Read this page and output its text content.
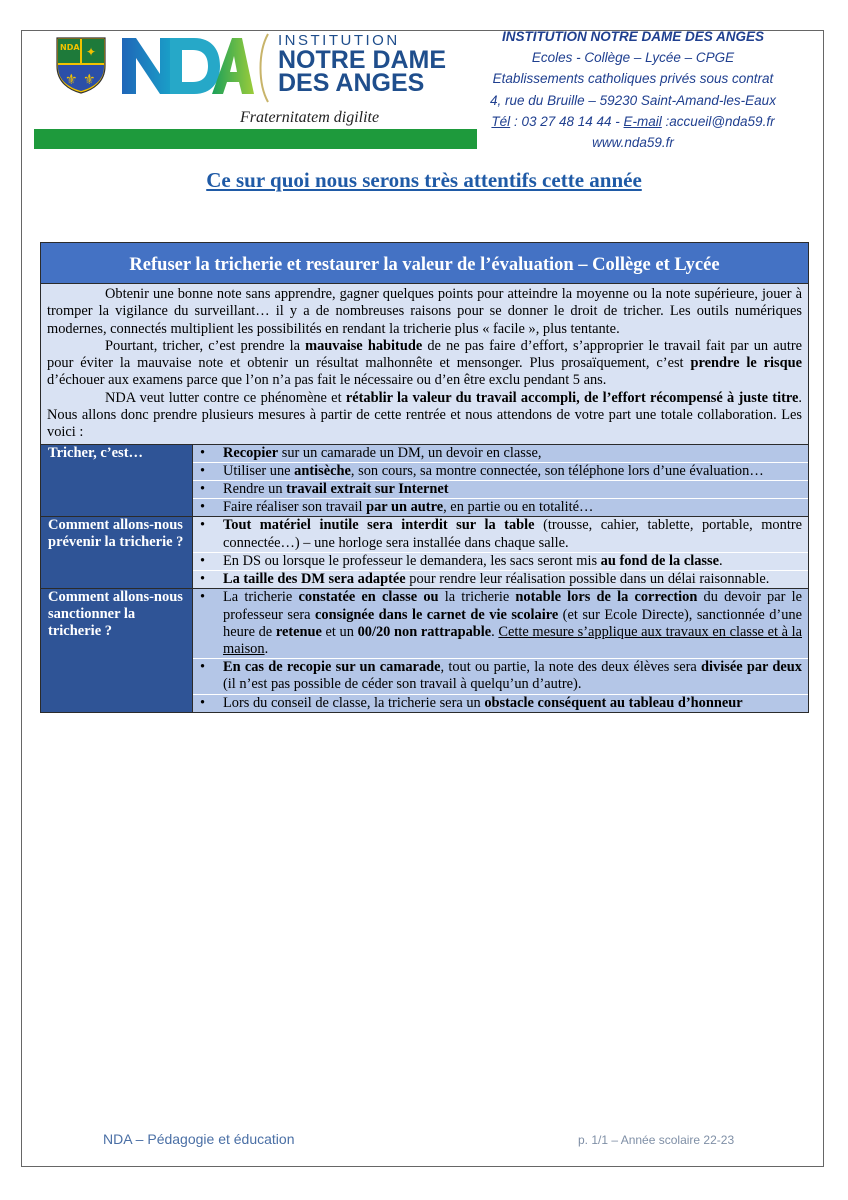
NDA ✦
⚜ ⚜
INSTITUTION
NOTRE DAME
DES ANGES
Fraternitatem digilite
INSTITUTION NOTRE DAME DES ANGES
Ecoles - Collège – Lycée – CPGE
Etablissements catholiques privés sous contrat
4, rue du Bruille – 59230 Saint-Amand-les-Eaux
Tél : 03 27 48 14 44 - E-mail :accueil@nda59.fr
www.nda59.fr
Ce sur quoi nous serons très attentifs cette année
Refuser la tricherie et restaurer la valeur de l’évaluation – Collège et Lycée

Obtenir une bonne note sans apprendre, gagner quelques points pour atteindre la moyenne ou la note supérieure, jouer à tromper la vigilance du surveillant… il y a de nombreuses raisons pour se donner le droit de tricher. Les outils numériques modernes, connectés multiplient les possibilités en rendant la tricherie plus « facile », plus tentante.

Pourtant, tricher, c’est prendre la mauvaise habitude de ne pas faire d’effort, s’approprier le travail fait par un autre pour éviter la mauvaise note et obtenir un résultat malhonnête et mensonger. Plus prosaïquement, c’est prendre le risque d’échouer aux examens parce que l’on n’a pas fait le nécessaire ou d’en être exclu pendant 5 ans.

NDA veut lutter contre ce phénomène et rétablir la valeur du travail accompli, de l’effort récompensé à juste titre. Nous allons donc prendre plusieurs mesures à partir de cette rentrée et nous attendons de votre part une totale collaboration. Les voici :

Tricher, c’est…
•	Recopier sur un camarade un DM, un devoir en classe,
• Utiliser une antisèche, son cours, sa montre connectée, son téléphone lors d’une évaluation…
• Rendre un travail extrait sur Internet
• Faire réaliser son travail par un autre, en partie ou en totalité…
Comment allons-nous prévenir la tricherie ?
• Tout matériel inutile sera interdit sur la table (trousse, cahier, tablette, portable, montre connectée…) – une horloge sera installée dans chaque salle.
• En DS ou lorsque le professeur le demandera, les sacs seront mis au fond de la classe.
• La taille des DM sera adaptée pour rendre leur réalisation possible dans un délai raisonnable.
Comment allons-nous sanctionner la tricherie ?
• La tricherie constatée en classe ou la tricherie notable lors de la correction du devoir par le professeur sera consignée dans le carnet de vie scolaire (et sur Ecole Directe), sanctionnée d’une heure de retenue et un 00/20 non rattrapable. Cette mesure s’applique aux travaux en classe et à la maison.
• En cas de recopie sur un camarade, tout ou partie, la note des deux élèves sera divisée par deux (il n’est pas possible de céder son travail à quelqu’un d’autre).
• Lors du conseil de classe, la tricherie sera un obstacle conséquent au tableau d’honneur
NDA – Pédagogie et éducation	p. 1/1 – Année scolaire 22-23
